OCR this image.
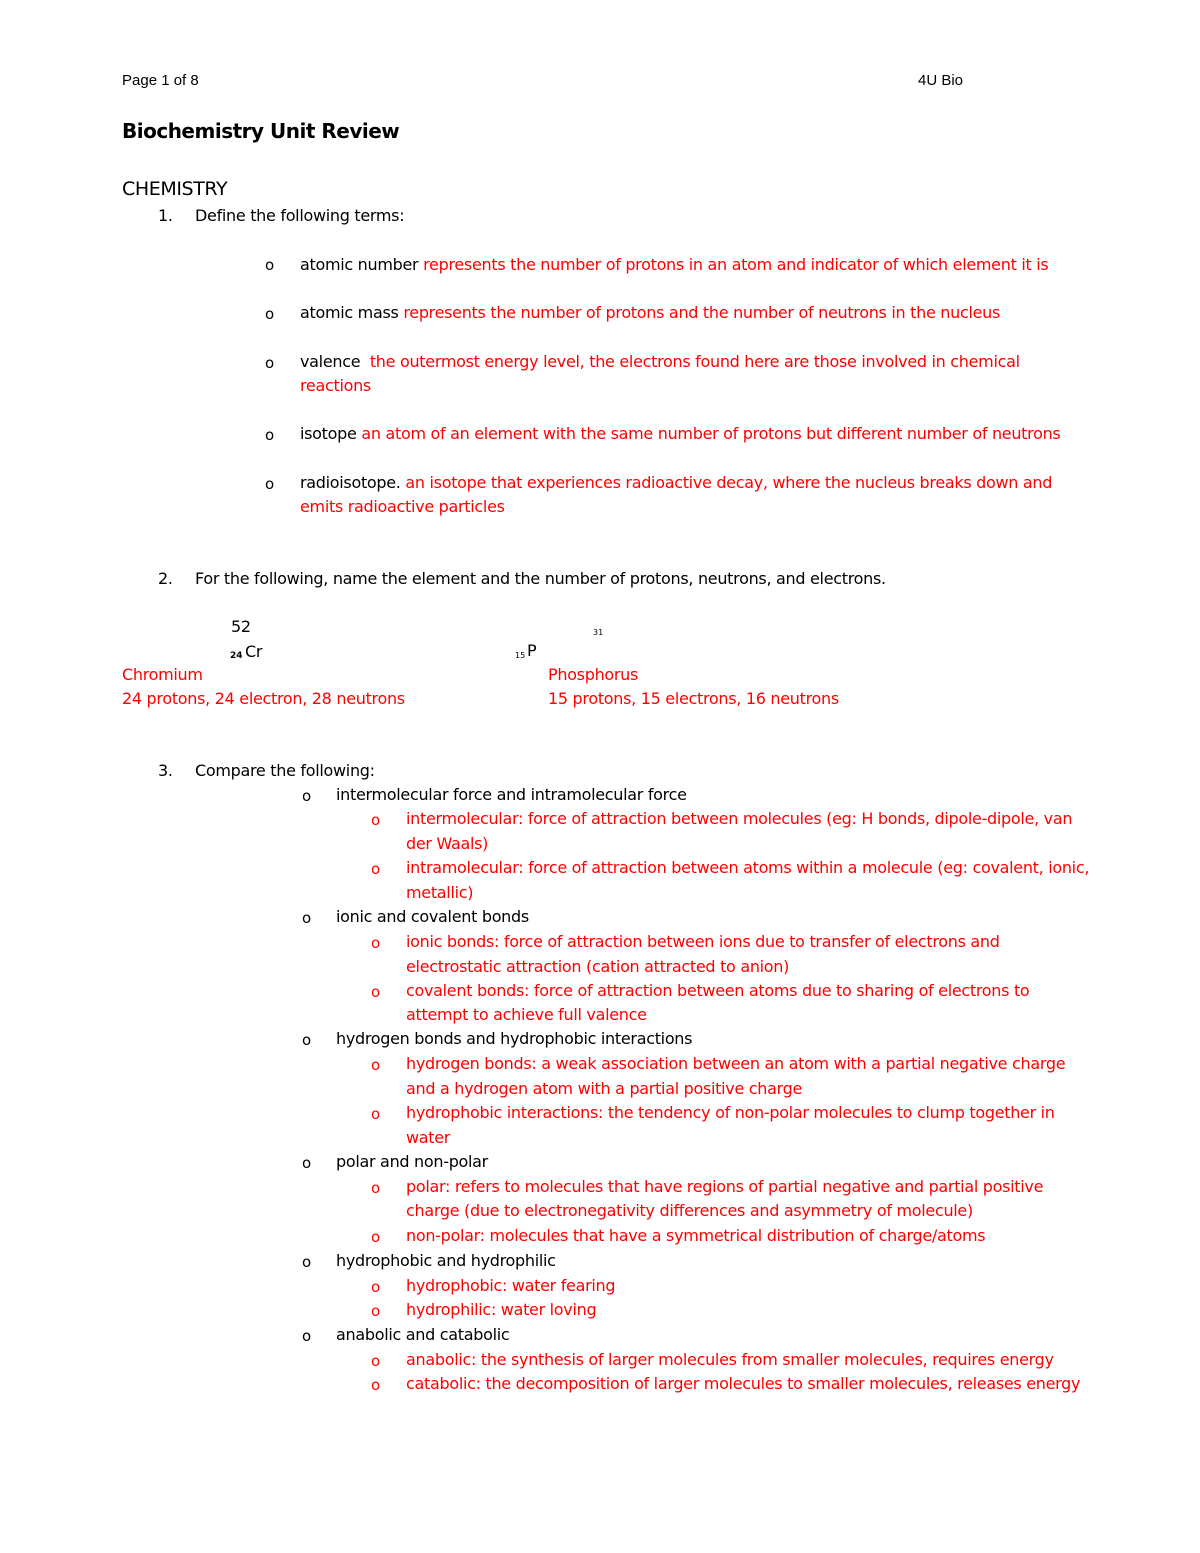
Page 1 of 8	4U Bio
Biochemistry Unit Review
CHEMISTRY
1. Define the following terms:
o atomic number represents the number of protons in an atom and indicator of which element it is
o atomic mass represents the number of protons and the number of neutrons in the nucleus
o valence the outermost energy level, the electrons found here are those involved in chemical
reactions
o isotope an atom of an element with the same number of protons but different number of neutrons
o radioisotope. an isotope that experiences radioactive decay, where the nucleus breaks down and
emits radioactive particles
2. For the following, name the element and the number of protons, neutrons, and electrons.
52
24 Cr
Chromium
24 protons, 24 electron, 28 neutrons
31
15 P
Phosphorus
15 protons, 15 electrons, 16 neutrons
3. Compare the following:
o intermolecular force and intramolecular force
o intermolecular: force of attraction between molecules (eg: H bonds, dipole-dipole, van
der Waals)
o intramolecular: force of attraction between atoms within a molecule (eg: covalent, ionic,
metallic)
o ionic and covalent bonds
o ionic bonds: force of attraction between ions due to transfer of electrons and
electrostatic attraction (cation attracted to anion)
o covalent bonds: force of attraction between atoms due to sharing of electrons to
attempt to achieve full valence
o hydrogen bonds and hydrophobic interactions
o hydrogen bonds: a weak association between an atom with a partial negative charge
and a hydrogen atom with a partial positive charge
o hydrophobic interactions: the tendency of non-polar molecules to clump together in
water
o polar and non-polar
o polar: refers to molecules that have regions of partial negative and partial positive
charge (due to electronegativity differences and asymmetry of molecule)
o non-polar: molecules that have a symmetrical distribution of charge/atoms
o hydrophobic and hydrophilic
o hydrophobic: water fearing
o hydrophilic: water loving
o anabolic and catabolic
o anabolic: the synthesis of larger molecules from smaller molecules, requires energy
o catabolic: the decomposition of larger molecules to smaller molecules, releases energy
